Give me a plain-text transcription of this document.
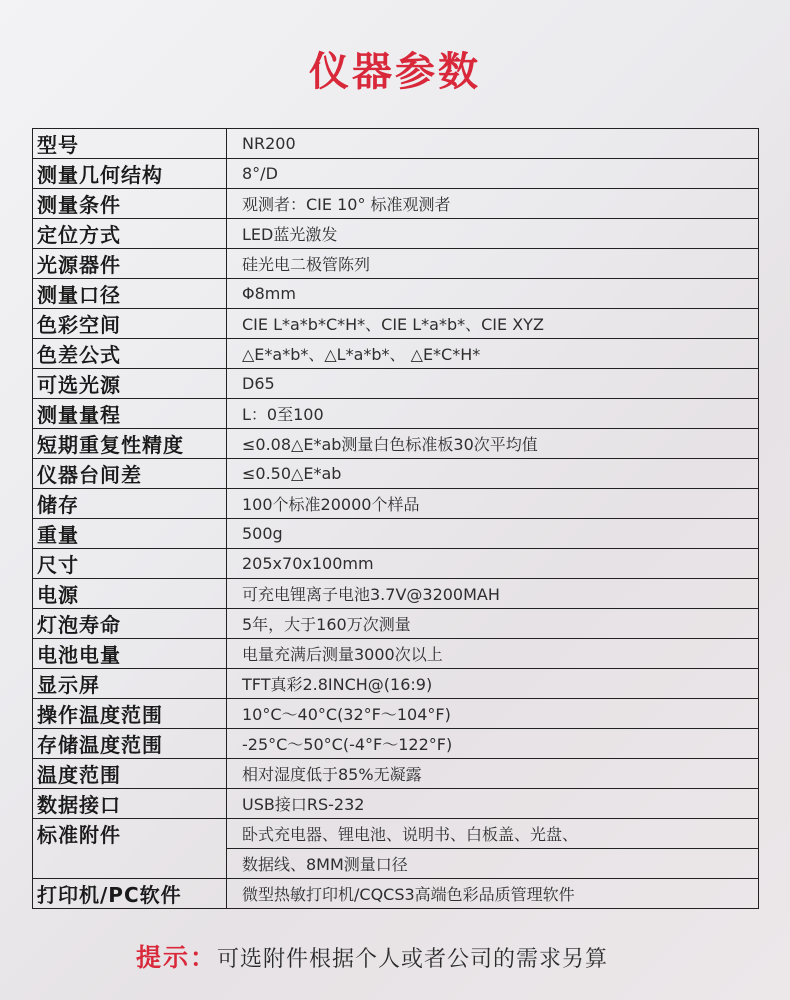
仪器参数
型号	NR200
测量几何结构	8°/D
测量条件	观测者：CIE 10° 标准观测者
定位方式	LED蓝光激发
光源器件	硅光电二极管陈列
测量口径	Φ8mm
色彩空间	CIE L*a*b*C*H*、CIE L*a*b*、CIE XYZ
色差公式	△E*a*b*、△L*a*b*、 △E*C*H*
可选光源	D65
测量量程	L：0至100
短期重复性精度	≤0.08△E*ab测量白色标准板30次平均值
仪器台间差	≤0.50△E*ab
储存	100个标准20000个样品
重量	500g
尺寸	205x70x100mm
电源	可充电锂离子电池3.7V@3200MAH
灯泡寿命	5年，大于160万次测量
电池电量	电量充满后测量3000次以上
显示屏	TFT真彩2.8INCH@(16:9)
操作温度范围	10°C～40°C(32°F～104°F)
存储温度范围	-25°C～50°C(-4°F～122°F)
温度范围	相对湿度低于85%无凝露
数据接口	USB接口RS-232
标准附件	卧式充电器、锂电池、说明书、白板盖、光盘、
	数据线、8MM测量口径
打印机/PC软件	微型热敏打印机/CQCS3高端色彩品质管理软件
提示：可选附件根据个人或者公司的需求另算
